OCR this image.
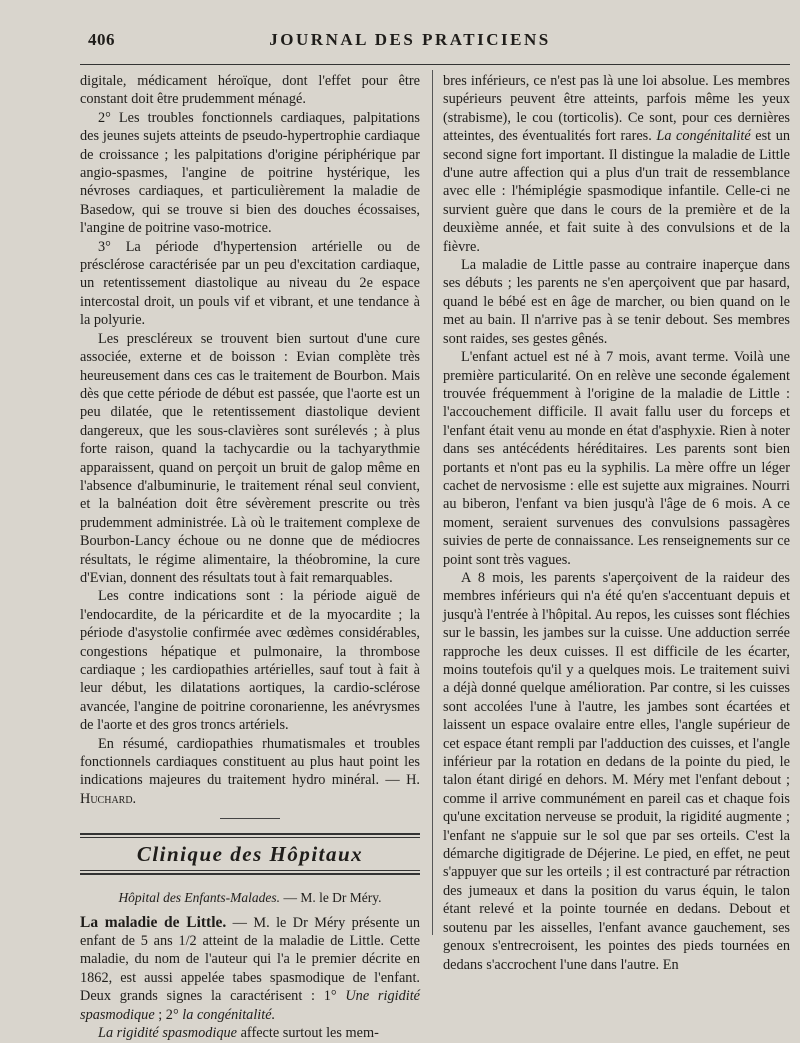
406	JOURNAL DES PRATICIENS

digitale, médicament héroïque, dont l'effet pour être constant doit être prudemment ménagé.

2° Les troubles fonctionnels cardiaques, palpitations des jeunes sujets atteints de pseudo-hypertrophie cardiaque de croissance ; les palpitations d'origine périphérique par angio-spasmes, l'angine de poitrine hystérique, les névroses cardiaques, et particulièrement la maladie de Basedow, qui se trouve si bien des douches écossaises, l'angine de poitrine vaso-motrice.

3° La période d'hypertension artérielle ou de présclérose caractérisée par un peu d'excitation cardiaque, un retentissement diastolique au niveau du 2e espace intercostal droit, un pouls vif et vibrant, et une tendance à la polyurie.

Les prescléreux se trouvent bien surtout d'une cure associée, externe et de boisson : Evian complète très heureusement dans ces cas le traitement de Bourbon. Mais dès que cette période de début est passée, que l'aorte est un peu dilatée, que le retentissement diastolique devient dangereux, que les sous-clavières sont surélevés ; à plus forte raison, quand la tachycardie ou la tachyarythmie apparaissent, quand on perçoit un bruit de galop même en l'absence d'albuminurie, le traitement rénal seul convient, et la balnéation doit être sévèrement prescrite ou très prudemment administrée. Là où le traitement complexe de Bourbon-Lancy échoue ou ne donne que de médiocres résultats, le régime alimentaire, la théobromine, la cure d'Evian, donnent des résultats tout à fait remarquables.

Les contre indications sont : la période aiguë de l'endocardite, de la péricardite et de la myocardite ; la période d'asystolie confirmée avec œdèmes considérables, congestions hépatique et pulmonaire, la thrombose cardiaque ; les cardiopathies artérielles, sauf tout à fait à leur début, les dilatations aortiques, la cardio-sclérose avancée, l'angine de poitrine coronarienne, les anévrysmes de l'aorte et des gros troncs artériels.

En résumé, cardiopathies rhumatismales et troubles fonctionnels cardiaques constituent au plus haut point les indications majeures du traitement hydro minéral. — H. Huchard.

Clinique des Hôpitaux
Hôpital des Enfants-Malades. — M. le Dr Méry.

La maladie de Little. — M. le Dr Méry présente un enfant de 5 ans 1/2 atteint de la maladie de Little. Cette maladie, du nom de l'auteur qui l'a le premier décrite en 1862, est aussi appelée tabes spasmodique de l'enfant. Deux grands signes la caractérisent : 1° Une rigidité spasmodique ; 2° la congénitalité.

La rigidité spasmodique affecte surtout les mem-

bres inférieurs, ce n'est pas là une loi absolue. Les membres supérieurs peuvent être atteints, parfois même les yeux (strabisme), le cou (torticolis). Ce sont, pour ces dernières atteintes, des éventualités fort rares. La congénitalité est un second signe fort important. Il distingue la maladie de Little d'une autre affection qui a plus d'un trait de ressemblance avec elle : l'hémiplégie spasmodique infantile. Celle-ci ne survient guère que dans le cours de la première et de la deuxième année, et fait suite à des convulsions et de la fièvre.

La maladie de Little passe au contraire inaperçue dans ses débuts ; les parents ne s'en aperçoivent que par hasard, quand le bébé est en âge de marcher, ou bien quand on le met au bain. Il n'arrive pas à se tenir debout. Ses membres sont raides, ses gestes gênés.

L'enfant actuel est né à 7 mois, avant terme. Voilà une première particularité. On en relève une seconde également trouvée fréquemment à l'origine de la maladie de Little : l'accouchement difficile. Il avait fallu user du forceps et l'enfant était venu au monde en état d'asphyxie. Rien à noter dans ses antécédents héréditaires. Les parents sont bien portants et n'ont pas eu la syphilis. La mère offre un léger cachet de nervosisme : elle est sujette aux migraines. Nourri au biberon, l'enfant va bien jusqu'à l'âge de 6 mois. A ce moment, seraient survenues des convulsions passagères suivies de perte de connaissance. Les renseignements sur ce point sont très vagues.

A 8 mois, les parents s'aperçoivent de la raideur des membres inférieurs qui n'a été qu'en s'accentuant depuis et jusqu'à l'entrée à l'hôpital. Au repos, les cuisses sont fléchies sur le bassin, les jambes sur la cuisse. Une adduction serrée rapproche les deux cuisses. Il est difficile de les écarter, moins toutefois qu'il y a quelques mois. Le traitement suivi a déjà donné quelque amélioration. Par contre, si les cuisses sont accolées l'une à l'autre, les jambes sont écartées et laissent un espace ovalaire entre elles, l'angle supérieur de cet espace étant rempli par l'adduction des cuisses, et l'angle inférieur par la rotation en dedans de la pointe du pied, le talon étant dirigé en dehors. M. Méry met l'enfant debout ; comme il arrive communément en pareil cas et chaque fois qu'une excitation nerveuse se produit, la rigidité augmente ; l'enfant ne s'appuie sur le sol que par ses orteils. C'est la démarche digitigrade de Déjerine. Le pied, en effet, ne peut s'appuyer que sur les orteils ; il est contracturé par rétraction des jumeaux et dans la position du varus équin, le talon étant relevé et la pointe tournée en dedans. Debout et soutenu par les aisselles, l'enfant avance gauchement, ses genoux s'entrecroisent, les pointes des pieds tournées en dedans s'accrochent l'une dans l'autre. En
